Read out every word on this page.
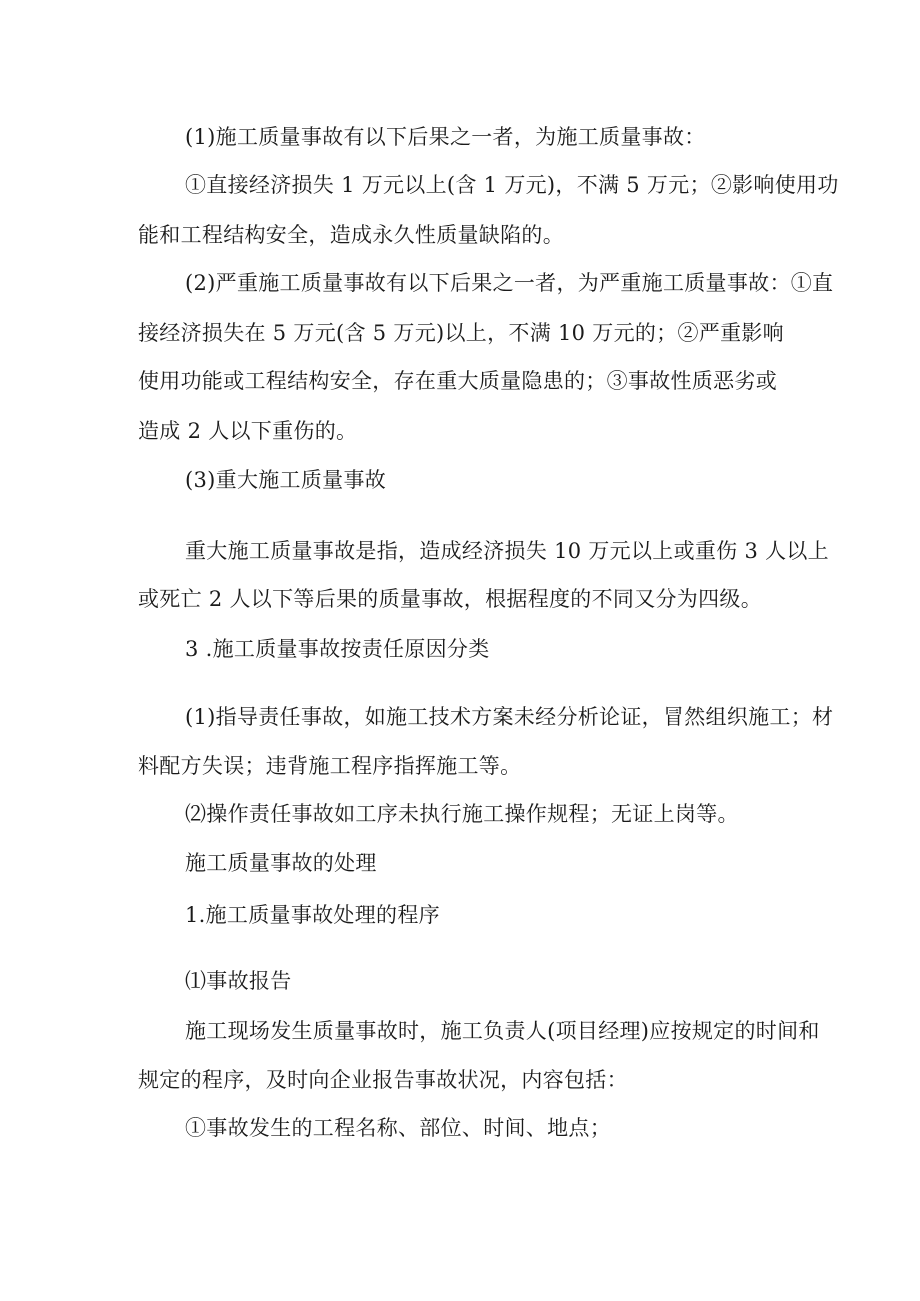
(1)施工质量事故有以下后果之一者，为施工质量事故：
①直接经济损失 1 万元以上(含 1 万元)，不满 5 万元；②影响使用功
能和工程结构安全，造成永久性质量缺陷的。
(2)严重施工质量事故有以下后果之一者，为严重施工质量事故：①直
接经济损失在 5 万元(含 5 万元)以上，不满 10 万元的；②严重影响
使用功能或工程结构安全，存在重大质量隐患的；③事故性质恶劣或
造成 2 人以下重伤的。
(3)重大施工质量事故
重大施工质量事故是指，造成经济损失 10 万元以上或重伤 3 人以上
或死亡 2 人以下等后果的质量事故，根据程度的不同又分为四级。
3 .施工质量事故按责任原因分类
(1)指导责任事故，如施工技术方案未经分析论证，冒然组织施工；材
料配方失误；违背施工程序指挥施工等。
⑵操作责任事故如工序未执行施工操作规程；无证上岗等。
施工质量事故的处理
1.施工质量事故处理的程序
⑴事故报告
施工现场发生质量事故时，施工负责人(项目经理)应按规定的时间和
规定的程序，及时向企业报告事故状况，内容包括：
①事故发生的工程名称、部位、时间、地点；
